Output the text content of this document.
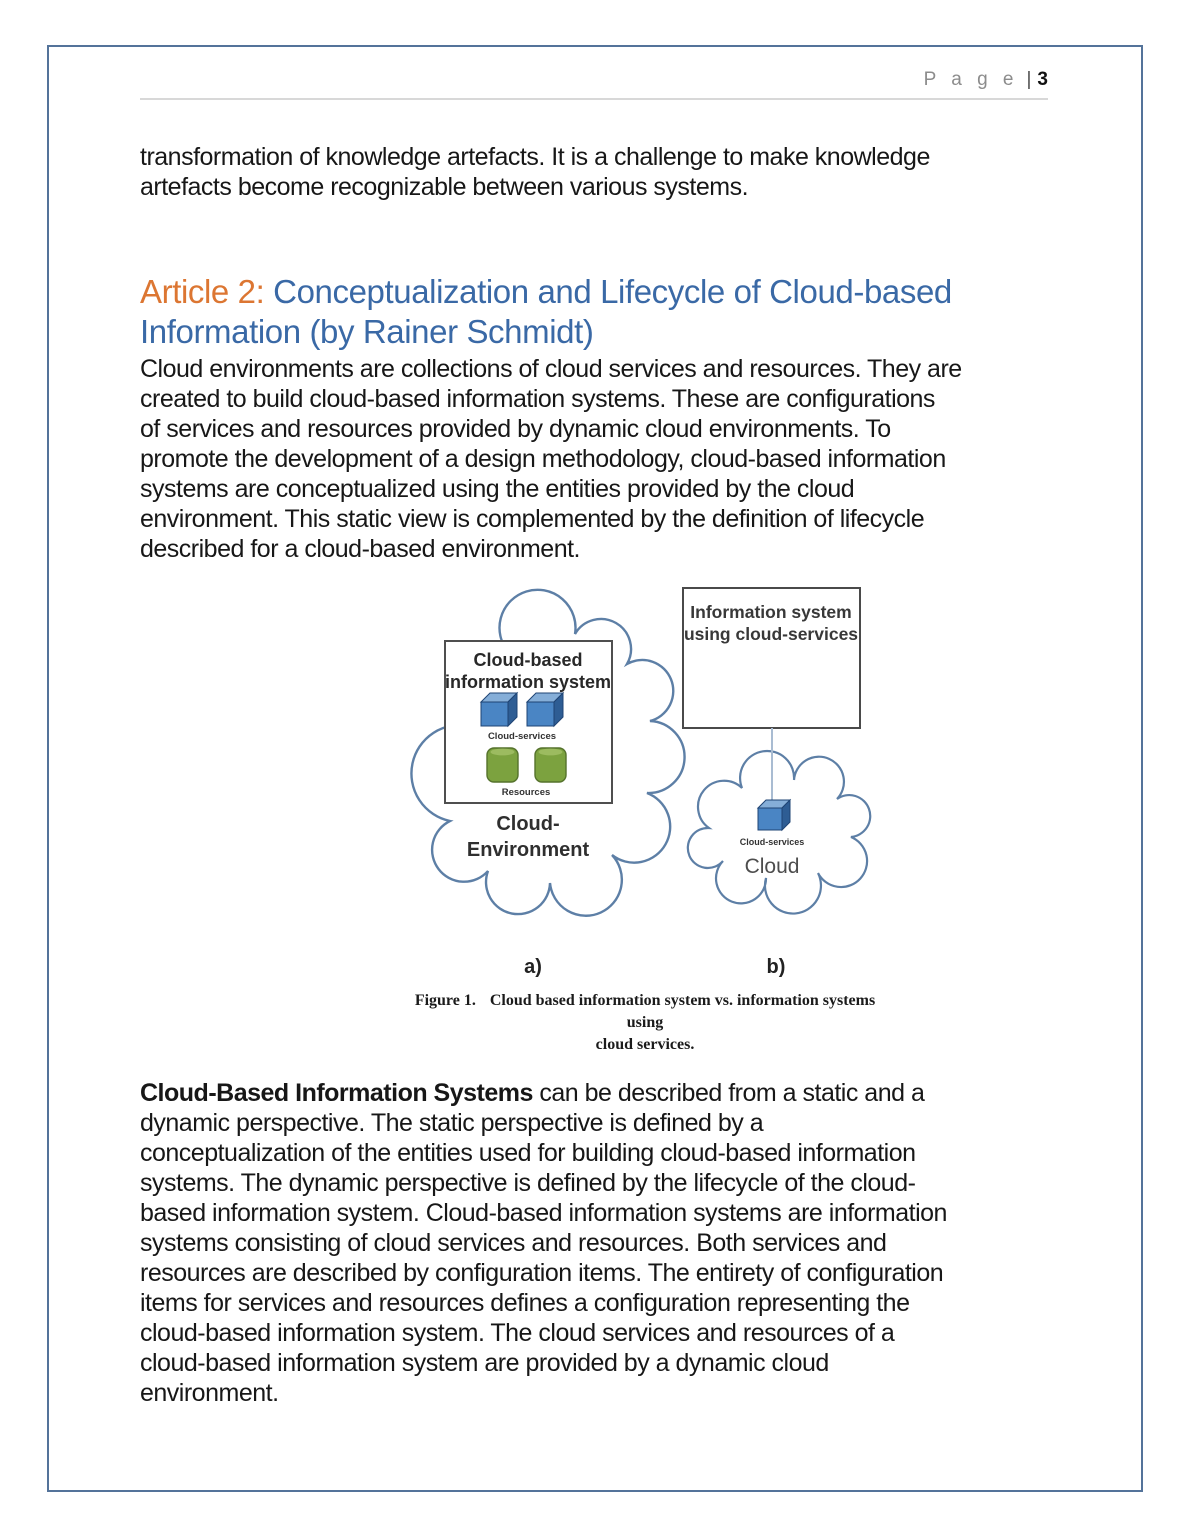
P a g e | 3
transformation of knowledge artefacts. It is a challenge to make knowledge
artefacts become recognizable between various systems.
Article 2: Conceptualization and Lifecycle of Cloud-based
Information (by Rainer Schmidt)
Cloud environments are collections of cloud services and resources. They are
created to build cloud-based information systems. These are configurations
of services and resources provided by dynamic cloud environments. To
promote the development of a design methodology, cloud-based information
systems are conceptualized using the entities provided by the cloud
environment. This static view is complemented by the definition of lifecycle
described for a cloud-based environment.
Cloud-based
information system
Cloud-services
Resources
Cloud-
Environment
Information system
using cloud-services
Cloud-services
Cloud
a)	b)
Figure 1. Cloud based information system vs. information systems using
cloud services.
Cloud-Based Information Systems can be described from a static and a
dynamic perspective. The static perspective is defined by a
conceptualization of the entities used for building cloud-based information
systems. The dynamic perspective is defined by the lifecycle of the cloud-
based information system. Cloud-based information systems are information
systems consisting of cloud services and resources. Both services and
resources are described by configuration items. The entirety of configuration
items for services and resources defines a configuration representing the
cloud-based information system. The cloud services and resources of a
cloud-based information system are provided by a dynamic cloud
environment.
